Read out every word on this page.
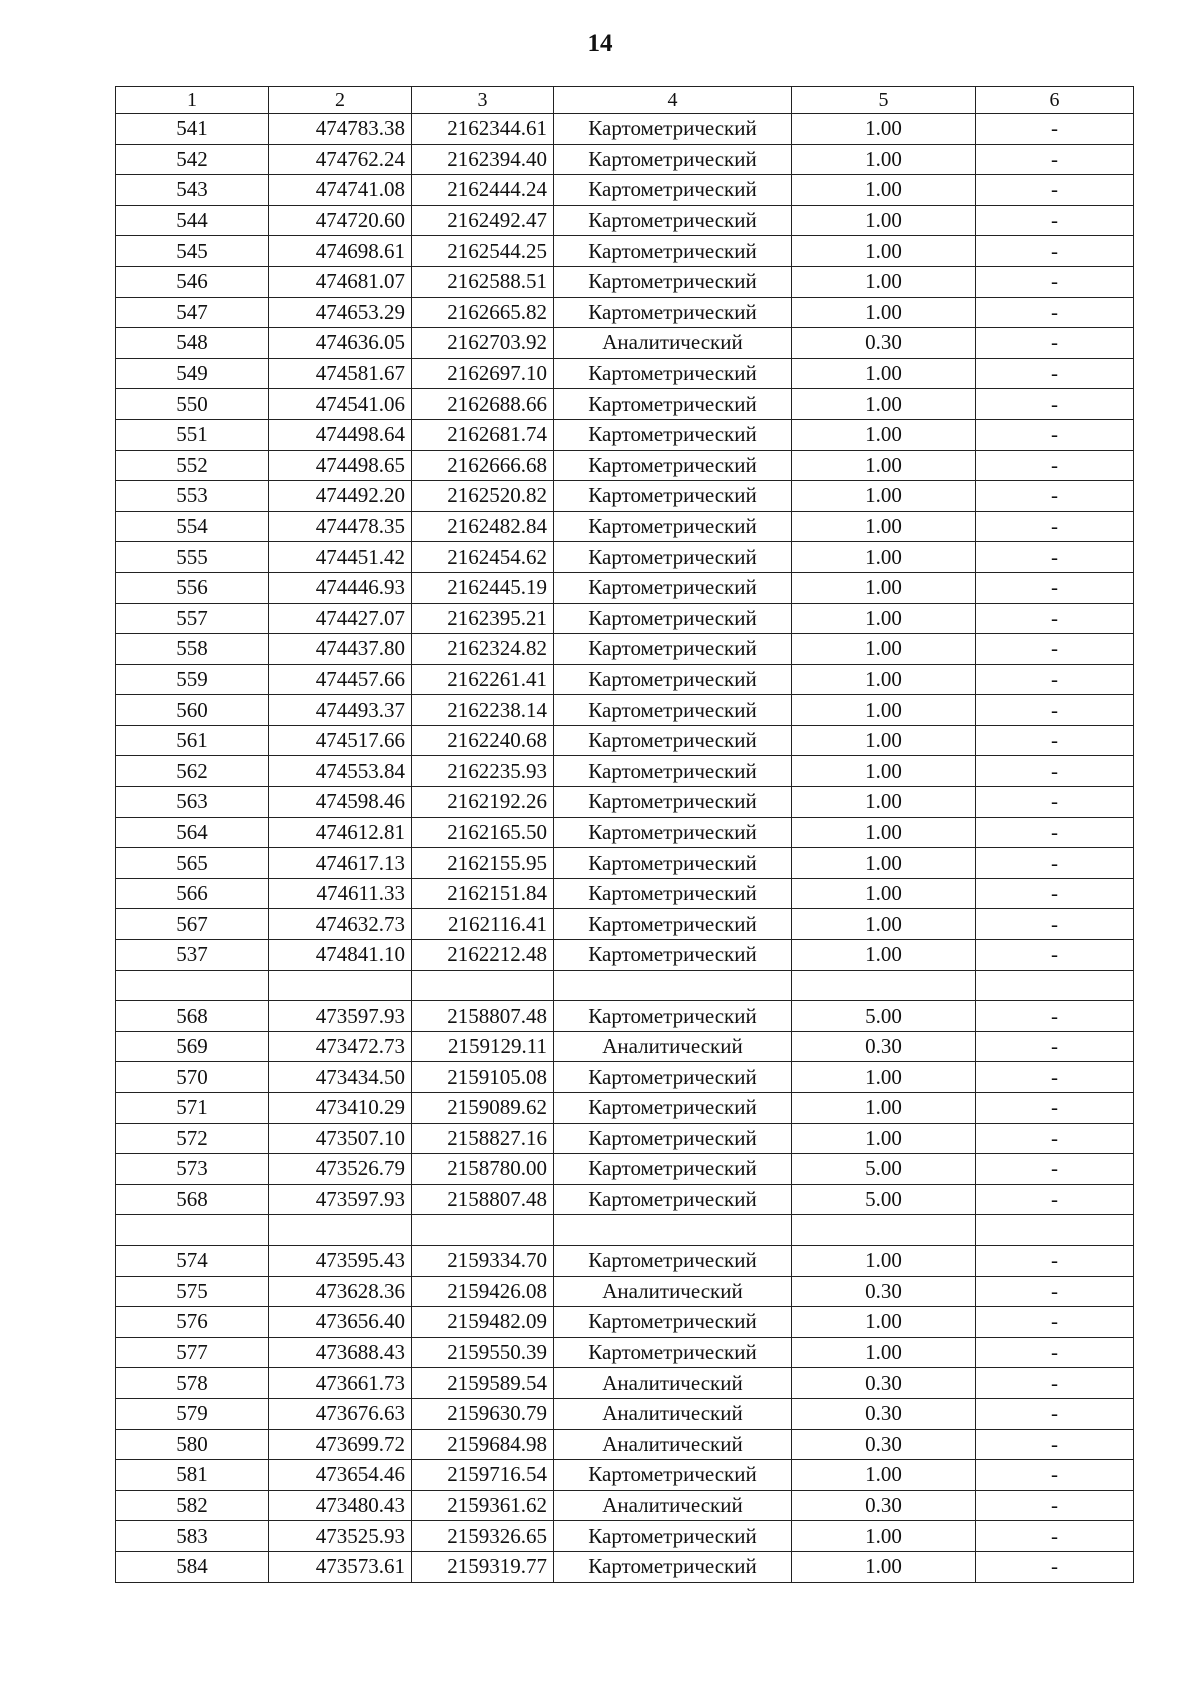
14
1	2	3	4	5	6
541	474783.38	2162344.61	Картометрический	1.00	-
542	474762.24	2162394.40	Картометрический	1.00	-
543	474741.08	2162444.24	Картометрический	1.00	-
544	474720.60	2162492.47	Картометрический	1.00	-
545	474698.61	2162544.25	Картометрический	1.00	-
546	474681.07	2162588.51	Картометрический	1.00	-
547	474653.29	2162665.82	Картометрический	1.00	-
548	474636.05	2162703.92	Аналитический	0.30	-
549	474581.67	2162697.10	Картометрический	1.00	-
550	474541.06	2162688.66	Картометрический	1.00	-
551	474498.64	2162681.74	Картометрический	1.00	-
552	474498.65	2162666.68	Картометрический	1.00	-
553	474492.20	2162520.82	Картометрический	1.00	-
554	474478.35	2162482.84	Картометрический	1.00	-
555	474451.42	2162454.62	Картометрический	1.00	-
556	474446.93	2162445.19	Картометрический	1.00	-
557	474427.07	2162395.21	Картометрический	1.00	-
558	474437.80	2162324.82	Картометрический	1.00	-
559	474457.66	2162261.41	Картометрический	1.00	-
560	474493.37	2162238.14	Картометрический	1.00	-
561	474517.66	2162240.68	Картометрический	1.00	-
562	474553.84	2162235.93	Картометрический	1.00	-
563	474598.46	2162192.26	Картометрический	1.00	-
564	474612.81	2162165.50	Картометрический	1.00	-
565	474617.13	2162155.95	Картометрический	1.00	-
566	474611.33	2162151.84	Картометрический	1.00	-
567	474632.73	2162116.41	Картометрический	1.00	-
537	474841.10	2162212.48	Картометрический	1.00	-

568	473597.93	2158807.48	Картометрический	5.00	-
569	473472.73	2159129.11	Аналитический	0.30	-
570	473434.50	2159105.08	Картометрический	1.00	-
571	473410.29	2159089.62	Картометрический	1.00	-
572	473507.10	2158827.16	Картометрический	1.00	-
573	473526.79	2158780.00	Картометрический	5.00	-
568	473597.93	2158807.48	Картометрический	5.00	-

574	473595.43	2159334.70	Картометрический	1.00	-
575	473628.36	2159426.08	Аналитический	0.30	-
576	473656.40	2159482.09	Картометрический	1.00	-
577	473688.43	2159550.39	Картометрический	1.00	-
578	473661.73	2159589.54	Аналитический	0.30	-
579	473676.63	2159630.79	Аналитический	0.30	-
580	473699.72	2159684.98	Аналитический	0.30	-
581	473654.46	2159716.54	Картометрический	1.00	-
582	473480.43	2159361.62	Аналитический	0.30	-
583	473525.93	2159326.65	Картометрический	1.00	-
584	473573.61	2159319.77	Картометрический	1.00	-
